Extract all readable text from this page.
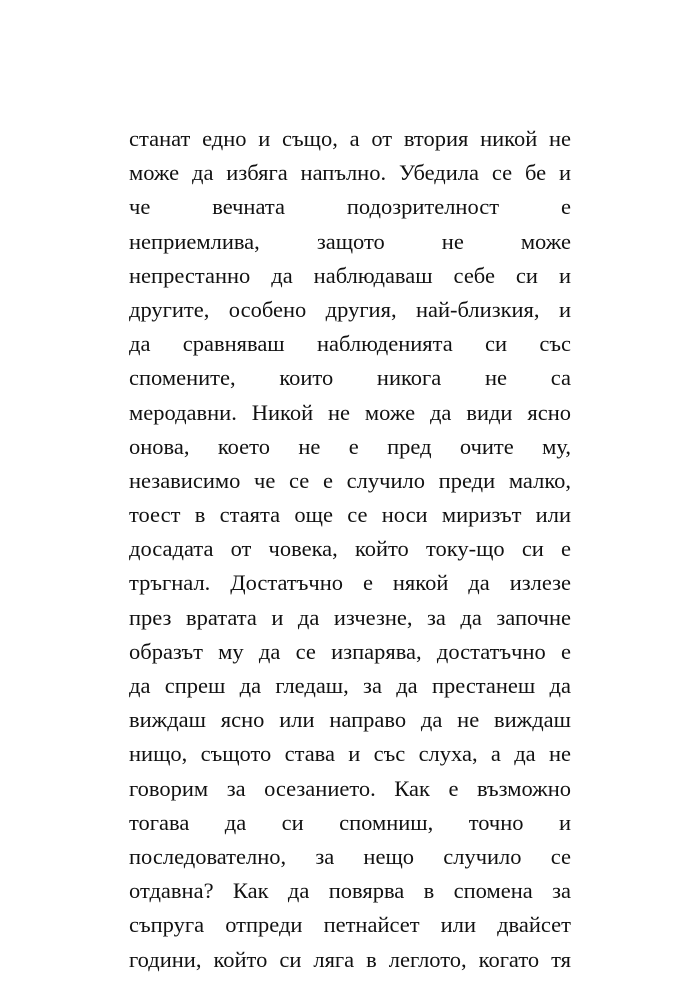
станат едно и също, а от втория никой не
може да избяга напълно. Убедила се бе и
че вечната подозрителност е
неприемлива, защото не може
непрестанно да наблюдаваш себе си и
другите, особено другия, най-близкия, и
да сравняваш наблюденията си със
спомените, които никога не са
меродавни. Никой не може да види ясно
онова, което не е пред очите му,
независимо че се е случило преди малко,
тоест в стаята още се носи миризът или
досадата от човека, който току-що си е
тръгнал. Достатъчно е някой да излезе
през вратата и да изчезне, за да започне
образът му да се изпарява, достатъчно е
да спреш да гледаш, за да престанеш да
виждаш ясно или направо да не виждаш
нищо, същото става и със слуха, а да не
говорим за осезанието. Как е възможно
тогава да си спомниш, точно и
последователно, за нещо случило се
отдавна? Как да повярва в спомена за
съпруга отпреди петнайсет или двайсет
години, който си ляга в леглото, когато тя
